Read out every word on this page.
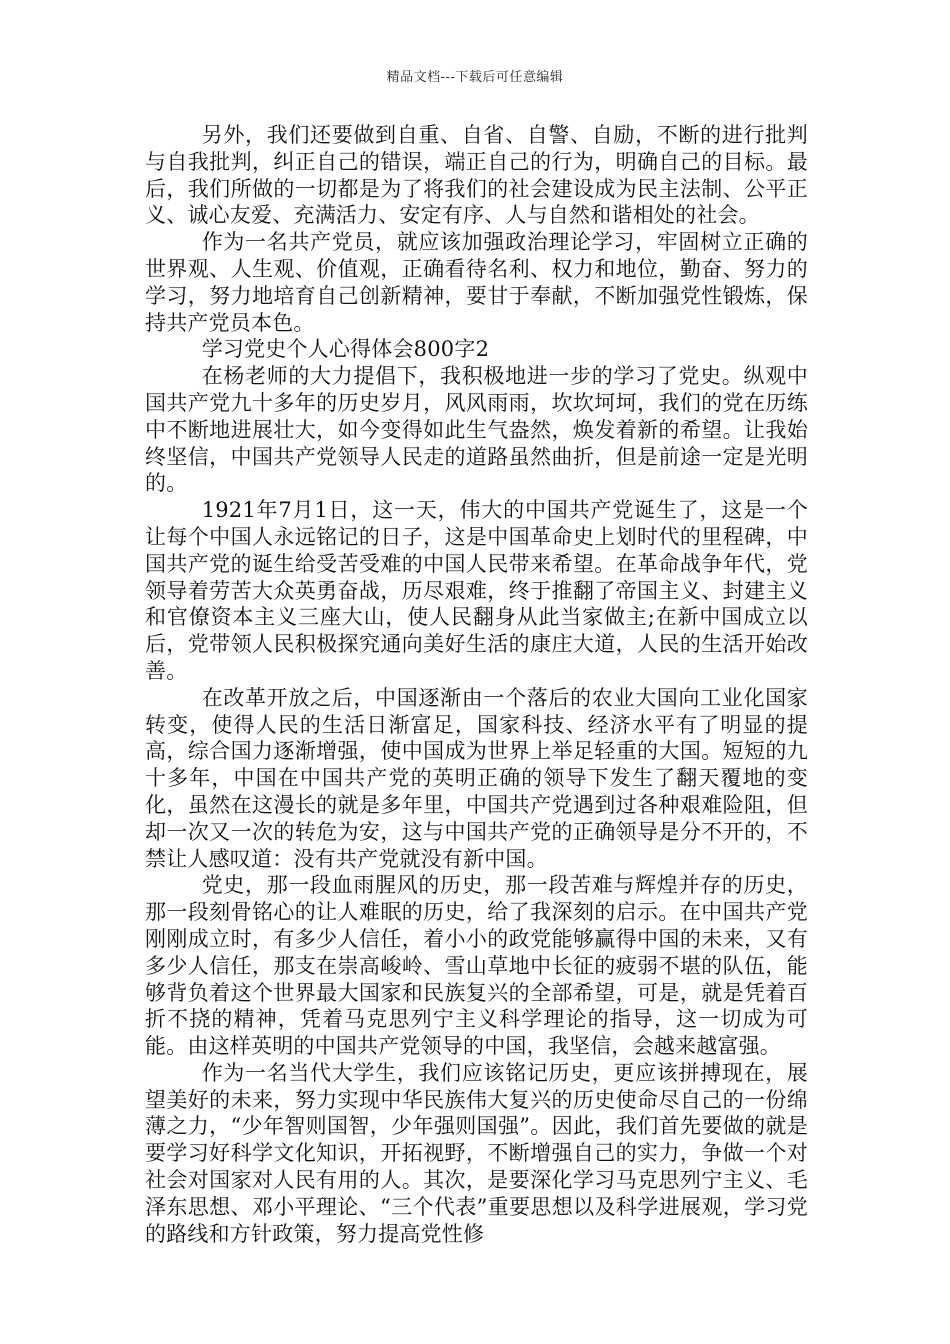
精品文档---下载后可任意编辑

另外，我们还要做到自重、自省、自警、自励，不断的进行批判与自我批判，纠正自己的错误，端正自己的行为，明确自己的目标。最后，我们所做的一切都是为了将我们的社会建设成为民主法制、公平正义、诚心友爱、充满活力、安定有序、人与自然和谐相处的社会。

作为一名共产党员，就应该加强政治理论学习，牢固树立正确的世界观、人生观、价值观，正确看待名利、权力和地位，勤奋、努力的学习，努力地培育自己创新精神，要甘于奉献，不断加强党性锻炼，保持共产党员本色。

学习党史个人心得体会800字2

在杨老师的大力提倡下，我积极地进一步的学习了党史。纵观中国共产党九十多年的历史岁月，风风雨雨，坎坎坷坷，我们的党在历练中不断地进展壮大，如今变得如此生气盎然，焕发着新的希望。让我始终坚信，中国共产党领导人民走的道路虽然曲折，但是前途一定是光明的。

1921年7月1日，这一天，伟大的中国共产党诞生了，这是一个让每个中国人永远铭记的日子，这是中国革命史上划时代的里程碑，中国共产党的诞生给受苦受难的中国人民带来希望。在革命战争年代，党领导着劳苦大众英勇奋战，历尽艰难，终于推翻了帝国主义、封建主义和官僚资本主义三座大山，使人民翻身从此当家做主;在新中国成立以后，党带领人民积极探究通向美好生活的康庄大道，人民的生活开始改善。

在改革开放之后，中国逐渐由一个落后的农业大国向工业化国家转变，使得人民的生活日渐富足，国家科技、经济水平有了明显的提高，综合国力逐渐增强，使中国成为世界上举足轻重的大国。短短的九十多年，中国在中国共产党的英明正确的领导下发生了翻天覆地的变化，虽然在这漫长的就是多年里，中国共产党遇到过各种艰难险阻，但却一次又一次的转危为安，这与中国共产党的正确领导是分不开的，不禁让人感叹道：没有共产党就没有新中国。

党史，那一段血雨腥风的历史，那一段苦难与辉煌并存的历史，那一段刻骨铭心的让人难眠的历史，给了我深刻的启示。在中国共产党刚刚成立时，有多少人信任，着小小的政党能够赢得中国的未来，又有多少人信任，那支在崇高峻岭、雪山草地中长征的疲弱不堪的队伍，能够背负着这个世界最大国家和民族复兴的全部希望，可是，就是凭着百折不挠的精神，凭着马克思列宁主义科学理论的指导，这一切成为可能。由这样英明的中国共产党领导的中国，我坚信，会越来越富强。

作为一名当代大学生，我们应该铭记历史，更应该拼搏现在，展望美好的未来，努力实现中华民族伟大复兴的历史使命尽自己的一份绵薄之力，“少年智则国智，少年强则国强”。因此，我们首先要做的就是要学习好科学文化知识，开拓视野，不断增强自己的实力，争做一个对社会对国家对人民有用的人。其次，是要深化学习马克思列宁主义、毛泽东思想、邓小平理论、“三个代表”重要思想以及科学进展观，学习党的路线和方针政策，努力提高党性修
